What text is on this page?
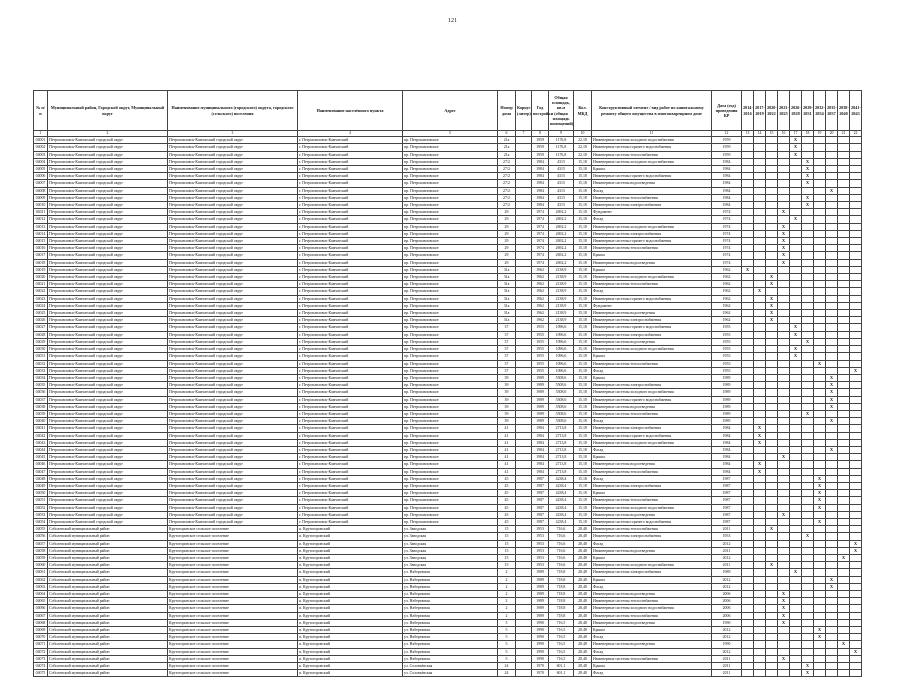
121
№ п/п	Муниципальный район, Городской округ, Муниципальный округ	Наименование муниципального (городского) округа, городского (сельского) поселения	Наименование населённого пункта	Адрес	Номер дома	Корпус (литер)	Год постройки	Общая площадь, кв.м (общая площадь помещений)	Кол. МКД	Конструктивный элемент / вид работ по капитальному ремонту общего имущества в многоквартирном доме	Дата (год) проведения КР	2014-2016	2017-2019	2020-2022	2023-2025	2026-2028	2029-2031	2032-2034	2035-2037	2038-2040	2041-2043
1	2	3	4	5	6	7	8	9	10	11	12	13	14	15	16	17	18	19	20	21	22
04001	Петропавловск-Камчатский городской округ	Петропавловск-Камчатский городской округ	г. Петропавловск-Камчатский	пр. Петропавловское	21а		1959	1176,8	22,18	Инженерные системы холодного водоснабжения	1959					X					
04002	Петропавловск-Камчатский городской округ	Петропавловск-Камчатский городской округ	г. Петропавловск-Камчатский	пр. Петропавловское	21а		1959	1176,8	22,18	Инженерные системы горячего водоснабжения	1959					X					
04003	Петропавловск-Камчатский городской округ	Петропавловск-Камчатский городской округ	г. Петропавловск-Камчатский	пр. Петропавловское	21а		1959	1176,8	22,18	Инженерные системы теплоснабжения	1959					X					
04004	Петропавловск-Камчатский городской округ	Петропавловск-Камчатский городской округ	г. Петропавловск-Камчатский	пр. Петропавловское	27/2		1984	4315	15,18	Инженерные системы холодного водоснабжения	1984						X				
04005	Петропавловск-Камчатский городской округ	Петропавловск-Камчатский городской округ	г. Петропавловск-Камчатский	пр. Петропавловское	27/2		1984	4315	15,18	Крыша	1984						X				
04006	Петропавловск-Камчатский городской округ	Петропавловск-Камчатский городской округ	г. Петропавловск-Камчатский	пр. Петропавловское	27/2		1984	4315	15,18	Инженерные системы горячего водоснабжения	1984						X				
04007	Петропавловск-Камчатский городской округ	Петропавловск-Камчатский городской округ	г. Петропавловск-Камчатский	пр. Петропавловское	27/2		1984	4315	15,18	Инженерные системы водоотведения	1984						X				
04008	Петропавловск-Камчатский городской округ	Петропавловск-Камчатский городской округ	г. Петропавловск-Камчатский	пр. Петропавловское	27/2		1984	4315	15,18	Фасад	1984								X		
04009	Петропавловск-Камчатский городской округ	Петропавловск-Камчатский городской округ	г. Петропавловск-Камчатский	пр. Петропавловское	27/2		1984	4315	15,18	Инженерные системы теплоснабжения	1984						X				
04010	Петропавловск-Камчатский городской округ	Петропавловск-Камчатский городской округ	г. Петропавловск-Камчатский	пр. Петропавловское	27/2		1984	4315	15,18	Инженерные системы электроснабжения	1984						X				
04011	Петропавловск-Камчатский городской округ	Петропавловск-Камчатский городской округ	г. Петропавловск-Камчатский	пр. Петропавловское	29		1974	2692,2	15,18	Фундамент	1974				X						
04012	Петропавловск-Камчатский городской округ	Петропавловск-Камчатский городской округ	г. Петропавловск-Камчатский	пр. Петропавловское	29		1974	2692,2	15,18	Фасад	1974					X					
04013	Петропавловск-Камчатский городской округ	Петропавловск-Камчатский городской округ	г. Петропавловск-Камчатский	пр. Петропавловское	29		1974	2692,2	15,18	Инженерные системы холодного водоснабжения	1974				X						
04014	Петропавловск-Камчатский городской округ	Петропавловск-Камчатский городской округ	г. Петропавловск-Камчатский	пр. Петропавловское	29		1974	2692,2	15,18	Инженерные системы электроснабжения	1974				X						
04015	Петропавловск-Камчатский городской округ	Петропавловск-Камчатский городской округ	г. Петропавловск-Камчатский	пр. Петропавловское	29		1974	2692,2	15,18	Инженерные системы горячего водоснабжения	1974				X						
04016	Петропавловск-Камчатский городской округ	Петропавловск-Камчатский городской округ	г. Петропавловск-Камчатский	пр. Петропавловское	29		1974	2692,2	15,18	Инженерные системы теплоснабжения	1974				X						
04017	Петропавловск-Камчатский городской округ	Петропавловск-Камчатский городской округ	г. Петропавловск-Камчатский	пр. Петропавловское	29		1974	2692,2	15,18	Крыша	1974				X						
04018	Петропавловск-Камчатский городской округ	Петропавловск-Камчатский городской округ	г. Петропавловск-Камчатский	пр. Петропавловское	29		1974	2692,2	15,18	Инженерные системы водоотведения	1974				X						
04019	Петропавловск-Камчатский городской округ	Петропавловск-Камчатский городской округ	г. Петропавловск-Камчатский	пр. Петропавловское	31а		1962	2138,9	15,18	Крыша	1962	X									
04020	Петропавловск-Камчатский городской округ	Петропавловск-Камчатский городской округ	г. Петропавловск-Камчатский	пр. Петропавловское	31а		1962	2138,9	15,18	Инженерные системы холодного водоснабжения	1962			X							
04021	Петропавловск-Камчатский городской округ	Петропавловск-Камчатский городской округ	г. Петропавловск-Камчатский	пр. Петропавловское	31а		1962	2138,9	15,18	Инженерные системы теплоснабжения	1962			X							
04022	Петропавловск-Камчатский городской округ	Петропавловск-Камчатский городской округ	г. Петропавловск-Камчатский	пр. Петропавловское	31а		1962	2138,9	15,18	Фасад	1962		X								
04023	Петропавловск-Камчатский городской округ	Петропавловск-Камчатский городской округ	г. Петропавловск-Камчатский	пр. Петропавловское	31а		1962	2138,9	15,18	Инженерные системы горячего водоснабжения	1962			X							
04024	Петропавловск-Камчатский городской округ	Петропавловск-Камчатский городской округ	г. Петропавловск-Камчатский	пр. Петропавловское	31а		1962	2138,9	15,18	Фундамент	1962			X							
04025	Петропавловск-Камчатский городской округ	Петропавловск-Камчатский городской округ	г. Петропавловск-Камчатский	пр. Петропавловское	31а		1962	2138,9	15,18	Инженерные системы водоотведения	1962			X							
04026	Петропавловск-Камчатский городской округ	Петропавловск-Камчатский городской округ	г. Петропавловск-Камчатский	пр. Петропавловское	31а		1962	2138,9	15,18	Инженерные системы электроснабжения	1962			X							
04027	Петропавловск-Камчатский городской округ	Петропавловск-Камчатский городской округ	г. Петропавловск-Камчатский	пр. Петропавловское	37		1955	1096,6	15,18	Инженерные системы горячего водоснабжения	1955					X					
04028	Петропавловск-Камчатский городской округ	Петропавловск-Камчатский городской округ	г. Петропавловск-Камчатский	пр. Петропавловское	37		1955	1096,6	15,18	Инженерные системы электроснабжения	1955					X					
04029	Петропавловск-Камчатский городской округ	Петропавловск-Камчатский городской округ	г. Петропавловск-Камчатский	пр. Петропавловское	37		1955	1096,6	15,18	Инженерные системы водоотведения	1955						X				
04030	Петропавловск-Камчатский городской округ	Петропавловск-Камчатский городской округ	г. Петропавловск-Камчатский	пр. Петропавловское	37		1955	1096,6	15,18	Инженерные системы холодного водоснабжения	1955					X					
04031	Петропавловск-Камчатский городской округ	Петропавловск-Камчатский городской округ	г. Петропавловск-Камчатский	пр. Петропавловское	37		1955	1096,6	15,18	Крыша	1955					X					
04032	Петропавловск-Камчатский городской округ	Петропавловск-Камчатский городской округ	г. Петропавловск-Камчатский	пр. Петропавловское	37		1955	1096,6	15,18	Инженерные системы теплоснабжения	1955							X			
04033	Петропавловск-Камчатский городской округ	Петропавловск-Камчатский городской округ	г. Петропавловск-Камчатский	пр. Петропавловское	37		1955	1096,6	15,18	Фасад	1955										X
04034	Петропавловск-Камчатский городской округ	Петропавловск-Камчатский городской округ	г. Петропавловск-Камчатский	пр. Петропавловское	39		1989	5508,6	15,18	Крыша	1989								X		
04035	Петропавловск-Камчатский городской округ	Петропавловск-Камчатский городской округ	г. Петропавловск-Камчатский	пр. Петропавловское	39		1989	5508,6	15,18	Инженерные системы электроснабжения	1989								X		
04036	Петропавловск-Камчатский городской округ	Петропавловск-Камчатский городской округ	г. Петропавловск-Камчатский	пр. Петропавловское	39		1989	5508,6	15,18	Инженерные системы холодного водоснабжения	1989								X		
04037	Петропавловск-Камчатский городской округ	Петропавловск-Камчатский городской округ	г. Петропавловск-Камчатский	пр. Петропавловское	39		1989	5508,6	15,18	Инженерные системы горячего водоснабжения	1989								X		
04038	Петропавловск-Камчатский городской округ	Петропавловск-Камчатский городской округ	г. Петропавловск-Камчатский	пр. Петропавловское	39		1989	5508,6	15,18	Инженерные системы водоотведения	1989								X		
04039	Петропавловск-Камчатский городской округ	Петропавловск-Камчатский городской округ	г. Петропавловск-Камчатский	пр. Петропавловское	39		1989	5508,6	15,18	Инженерные системы теплоснабжения	1989						X				
04040	Петропавловск-Камчатский городской округ	Петропавловск-Камчатский городской округ	г. Петропавловск-Камчатский	пр. Петропавловское	39		1989	5508,6	15,18	Фасад	1989								X		
04041	Петропавловск-Камчатский городской округ	Петропавловск-Камчатский городской округ	г. Петропавловск-Камчатский	пр. Петропавловское	41		1984	2713,8	15,18	Инженерные системы электроснабжения	1984		X								
04042	Петропавловск-Камчатский городской округ	Петропавловск-Камчатский городской округ	г. Петропавловск-Камчатский	пр. Петропавловское	41		1984	2713,8	15,18	Инженерные системы горячего водоснабжения	1984		X								
04043	Петропавловск-Камчатский городской округ	Петропавловск-Камчатский городской округ	г. Петропавловск-Камчатский	пр. Петропавловское	41		1984	2713,8	15,18	Инженерные системы холодного водоснабжения	1984		X								
04044	Петропавловск-Камчатский городской округ	Петропавловск-Камчатский городской округ	г. Петропавловск-Камчатский	пр. Петропавловское	41		1984	2713,8	15,18	Фасад	1984								X		
04045	Петропавловск-Камчатский городской округ	Петропавловск-Камчатский городской округ	г. Петропавловск-Камчатский	пр. Петропавловское	41		1984	2713,8	15,18	Крыша	1984				X						
04046	Петропавловск-Камчатский городской округ	Петропавловск-Камчатский городской округ	г. Петропавловск-Камчатский	пр. Петропавловское	41		1984	2713,8	15,18	Инженерные системы водоотведения	1984		X								
04047	Петропавловск-Камчатский городской округ	Петропавловск-Камчатский городской округ	г. Петропавловск-Камчатский	пр. Петропавловское	41		1984	2713,8	15,18	Инженерные системы теплоснабжения	1984		X								
04048	Петропавловск-Камчатский городской округ	Петропавловск-Камчатский городской округ	г. Петропавловск-Камчатский	пр. Петропавловское	45		1987	4238,4	15,18	Фасад	1987							X			
04049	Петропавловск-Камчатский городской округ	Петропавловск-Камчатский городской округ	г. Петропавловск-Камчатский	пр. Петропавловское	45		1987	4238,4	15,18	Инженерные системы электроснабжения	1987							X			
04050	Петропавловск-Камчатский городской округ	Петропавловск-Камчатский городской округ	г. Петропавловск-Камчатский	пр. Петропавловское	45		1987	4238,4	15,18	Крыша	1987							X			
04051	Петропавловск-Камчатский городской округ	Петропавловск-Камчатский городской округ	г. Петропавловск-Камчатский	пр. Петропавловское	45		1987	4238,4	15,18	Инженерные системы теплоснабжения	1987							X			
04052	Петропавловск-Камчатский городской округ	Петропавловск-Камчатский городской округ	г. Петропавловск-Камчатский	пр. Петропавловское	45		1987	4238,4	15,18	Инженерные системы холодного водоснабжения	1987							X			
04053	Петропавловск-Камчатский городской округ	Петропавловск-Камчатский городской округ	г. Петропавловск-Камчатский	пр. Петропавловское	45		1987	4238,4	15,18	Инженерные системы водоотведения	1987				X						
04054	Петропавловск-Камчатский городской округ	Петропавловск-Камчатский городской округ	г. Петропавловск-Камчатский	пр. Петропавловское	45		1987	4238,4	15,18	Инженерные системы горячего водоснабжения	1987							X			
04055	Соболевский муниципальный район	Крутогоровское сельское поселение	п. Крутогоровский	ул. Заводская	15		1953	716,6	28,48	Инженерные системы теплоснабжения	2011			X							
04056	Соболевский муниципальный район	Крутогоровское сельское поселение	п. Крутогоровский	ул. Заводская	15		1953	716,6	28,48	Инженерные системы электроснабжения	1953						X				
04057	Соболевский муниципальный район	Крутогоровское сельское поселение	п. Крутогоровский	ул. Заводская	15		1953	716,6	28,48	Фасад	2012										X
04058	Соболевский муниципальный район	Крутогоровское сельское поселение	п. Крутогоровский	ул. Заводская	15		1953	716,6	28,48	Инженерные системы водоотведения	2011										X
04059	Соболевский муниципальный район	Крутогоровское сельское поселение	п. Крутогоровский	ул. Заводская	15		1953	716,6	28,48	Крыша	2012									X	
04060	Соболевский муниципальный район	Крутогоровское сельское поселение	п. Крутогоровский	ул. Заводская	15		1953	716,6	28,48	Инженерные системы холодного водоснабжения	2011			X							
04061	Соболевский муниципальный район	Крутогоровское сельское поселение	п. Крутогоровский	ул. Набережная	2		1989	718,8	28,48	Инженерные системы электроснабжения	1989					X					
04062	Соболевский муниципальный район	Крутогоровское сельское поселение	п. Крутогоровский	ул. Набережная	2		1989	718,8	28,48	Крыша	2012								X		
04063	Соболевский муниципальный район	Крутогоровское сельское поселение	п. Крутогоровский	ул. Набережная	2		1989	718,8	28,48	Фасад	2012								X		
04064	Соболевский муниципальный район	Крутогоровское сельское поселение	п. Крутогоровский	ул. Набережная	2		1989	718,8	28,48	Инженерные системы водоотведения	2006				X						
04065	Соболевский муниципальный район	Крутогоровское сельское поселение	п. Крутогоровский	ул. Набережная	2		1989	718,8	28,48	Инженерные системы теплоснабжения	2006				X						
04066	Соболевский муниципальный район	Крутогоровское сельское поселение	п. Крутогоровский	ул. Набережная	2		1989	718,8	28,48	Инженерные системы холодного водоснабжения	2006				X						
04067	Соболевский муниципальный район	Крутогоровское сельское поселение	п. Крутогоровский	ул. Набережная	2		1989	718,8	28,48	Инженерные системы теплоснабжения	2006				X						
04068	Соболевский муниципальный район	Крутогоровское сельское поселение	п. Крутогоровский	ул. Набережная	5		1990	716,5	28,48	Инженерные системы водоотведения	1990				X						
04069	Соболевский муниципальный район	Крутогоровское сельское поселение	п. Крутогоровский	ул. Набережная	5		1990	716,5	28,48	Крыша	2012							X			
04070	Соболевский муниципальный район	Крутогоровское сельское поселение	п. Крутогоровский	ул. Набережная	5		1990	716,5	28,48	Фасад	2012							X			
04071	Соболевский муниципальный район	Крутогоровское сельское поселение	п. Крутогоровский	ул. Набережная	5		1990	716,5	28,48	Инженерные системы водоотведения	1990									X	
04072	Соболевский муниципальный район	Крутогоровское сельское поселение	п. Крутогоровский	ул. Набережная	5		1990	716,5	28,48	Фасад	2012										X
04073	Соболевский муниципальный район	Крутогоровское сельское поселение	п. Крутогоровский	ул. Набережная	5		1990	716,5	28,48	Инженерные системы теплоснабжения	2011				X						
04074	Соболевский муниципальный район	Крутогоровское сельское поселение	п. Крутогоровский	ул. Соловьёвская	24		1970	601,1	28,48	Крыша	2011						X				
04075	Соболевский муниципальный район	Крутогоровское сельское поселение	п. Крутогоровский	ул. Соловьёвская	24		1970	601,1	28,48	Фасад	2011						X				
